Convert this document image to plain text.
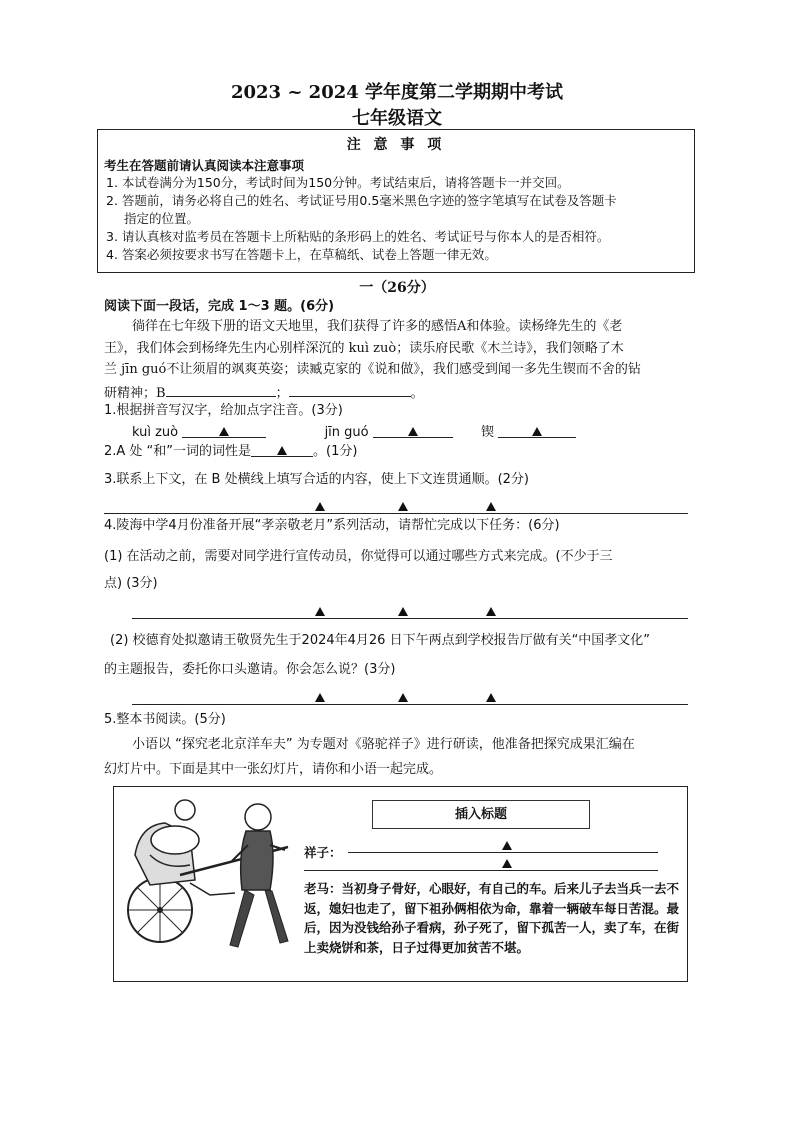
2023 ~ 2024 学年度第二学期期中考试
七年级语文
注 意 事 项
考生在答题前请认真阅读本注意事项
1. 本试卷满分为150分，考试时间为150分钟。考试结束后，请将答题卡一并交回。
2. 答题前，请务必将自己的姓名、考试证号用0.5毫米黑色字迹的签字笔填写在试卷及答题卡
指定的位置。
3. 请认真核对监考员在答题卡上所粘贴的条形码上的姓名、考试证号与你本人的是否相符。
4. 答案必须按要求书写在答题卡上，在草稿纸、试卷上答题一律无效。
一（26分）
阅读下面一段话，完成 1～3 题。(6分)
徜徉在七年级下册的语文天地里，我们获得了许多的感悟A和体验。读杨绛先生的《老
王》，我们体会到杨绛先生内心别样深沉的 kuì zuò；读乐府民歌《木兰诗》，我们领略了木
兰 jīn guó不让须眉的飒爽英姿；读臧克家的《说和做》，我们感受到闻一多先生锲而不舍的钻
研精神；B	；	。
1.根据拼音写汉字，给加点字注音。(3分)
kuì zuò	jīn guó	锲
2.A 处 “和”一词的词性是	。(1分)
3.联系上下文，在 B 处横线上填写合适的内容，使上下文连贯通顺。(2分)
4.陵海中学4月份准备开展“孝亲敬老月”系列活动，请帮忙完成以下任务：(6分)
(1) 在活动之前，需要对同学进行宣传动员，你觉得可以通过哪些方式来完成。(不少于三
点) (3分)
(2) 校德育处拟邀请王敬贤先生于2024年4月26 日下午两点到学校报告厅做有关“中国孝文化”
的主题报告，委托你口头邀请。你会怎么说？(3分)
5.整本书阅读。(5分)
小语以 “探究老北京洋车夫” 为专题对《骆驼祥子》进行研读，他准备把探究成果汇编在
幻灯片中。下面是其中一张幻灯片，请你和小语一起完成。
插入标题
祥子：
老马：当初身子骨好，心眼好，有自己的车。后来儿子去当兵一去不返，媳妇也走了，留下祖孙俩相依为命，靠着一辆破车每日苦混。最后，因为没钱给孙子看病，孙子死了，留下孤苦一人，卖了车，在街上卖烧饼和茶，日子过得更加贫苦不堪。
